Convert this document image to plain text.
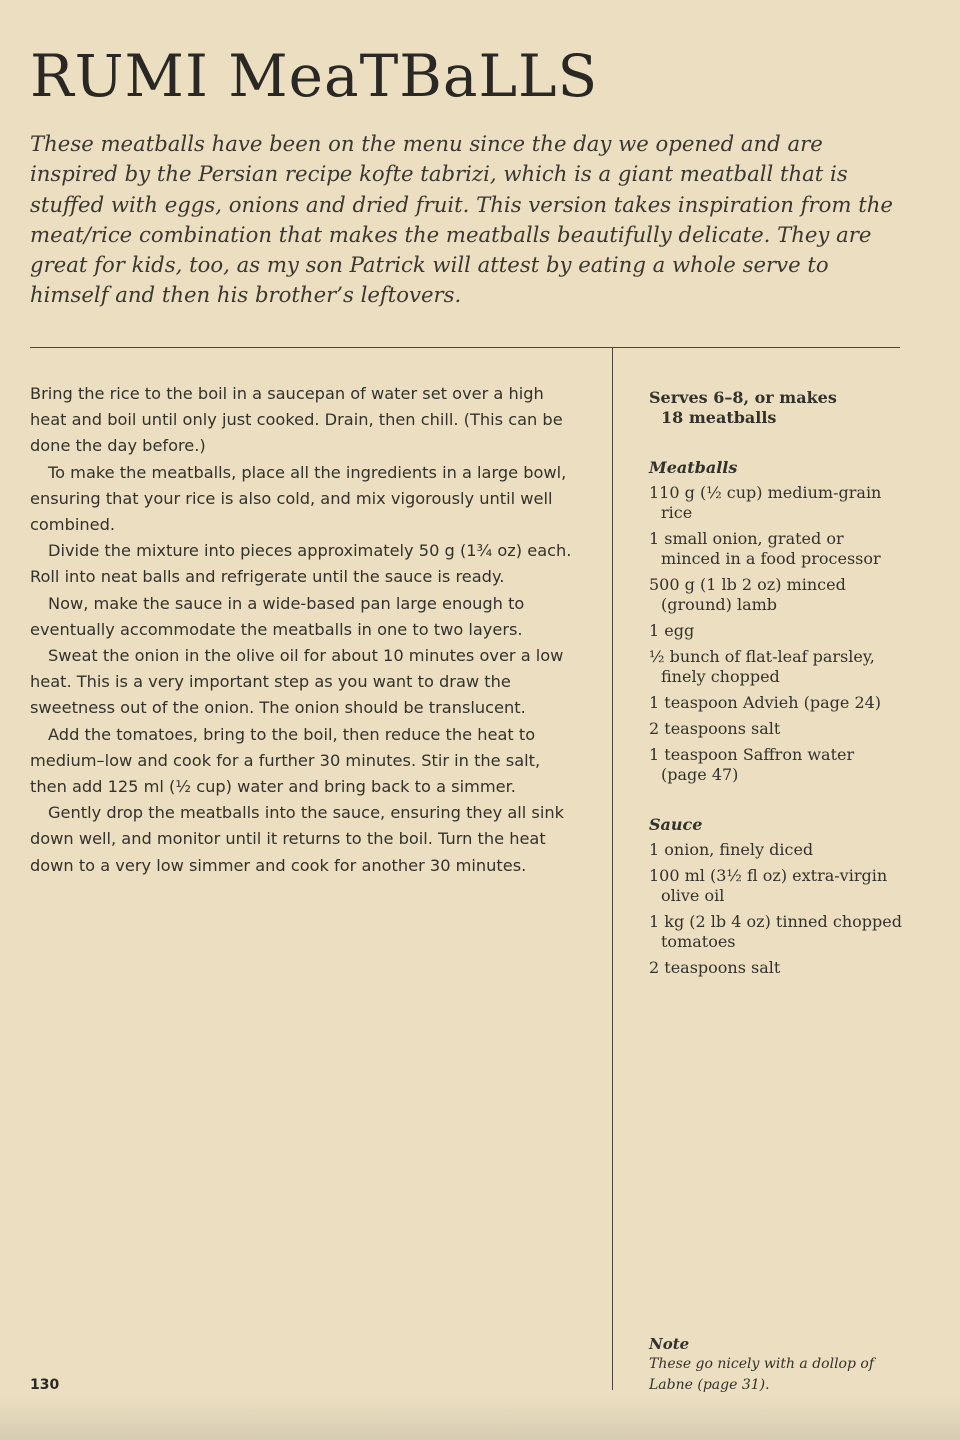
RUMI MeaTBaLLS

These meatballs have been on the menu since the day we opened and are inspired by the Persian recipe kofte tabrizi, which is a giant meatball that is stuffed with eggs, onions and dried fruit. This version takes inspiration from the meat/rice combination that makes the meatballs beautifully delicate. They are great for kids, too, as my son Patrick will attest by eating a whole serve to himself and then his brother’s leftovers.

Bring the rice to the boil in a saucepan of water set over a high heat and boil until only just cooked. Drain, then chill. (This can be done the day before.)

To make the meatballs, place all the ingredients in a large bowl, ensuring that your rice is also cold, and mix vigorously until well combined.

Divide the mixture into pieces approximately 50 g (1¾ oz) each. Roll into neat balls and refrigerate until the sauce is ready.

Now, make the sauce in a wide-based pan large enough to eventually accommodate the meatballs in one to two layers.

Sweat the onion in the olive oil for about 10 minutes over a low heat. This is a very important step as you want to draw the sweetness out of the onion. The onion should be translucent.

Add the tomatoes, bring to the boil, then reduce the heat to medium–low and cook for a further 30 minutes. Stir in the salt, then add 125 ml (½ cup) water and bring back to a simmer.

Gently drop the meatballs into the sauce, ensuring they all sink down well, and monitor until it returns to the boil. Turn the heat down to a very low simmer and cook for another 30 minutes.

Serves 6–8, or makes
18 meatballs
Meatballs
110 g (½ cup) medium-grain rice
1 small onion, grated or minced in a food processor
500 g (1 lb 2 oz) minced (ground) lamb
1 egg
½ bunch of flat-leaf parsley, finely chopped
1 teaspoon Advieh (page 24)
2 teaspoons salt
1 teaspoon Saffron water (page 47)
Sauce
1 onion, finely diced
100 ml (3½ fl oz) extra-virgin olive oil
1 kg (2 lb 4 oz) tinned chopped tomatoes
2 teaspoons salt
Note
These go nicely with a dollop of Labne (page 31).
130
